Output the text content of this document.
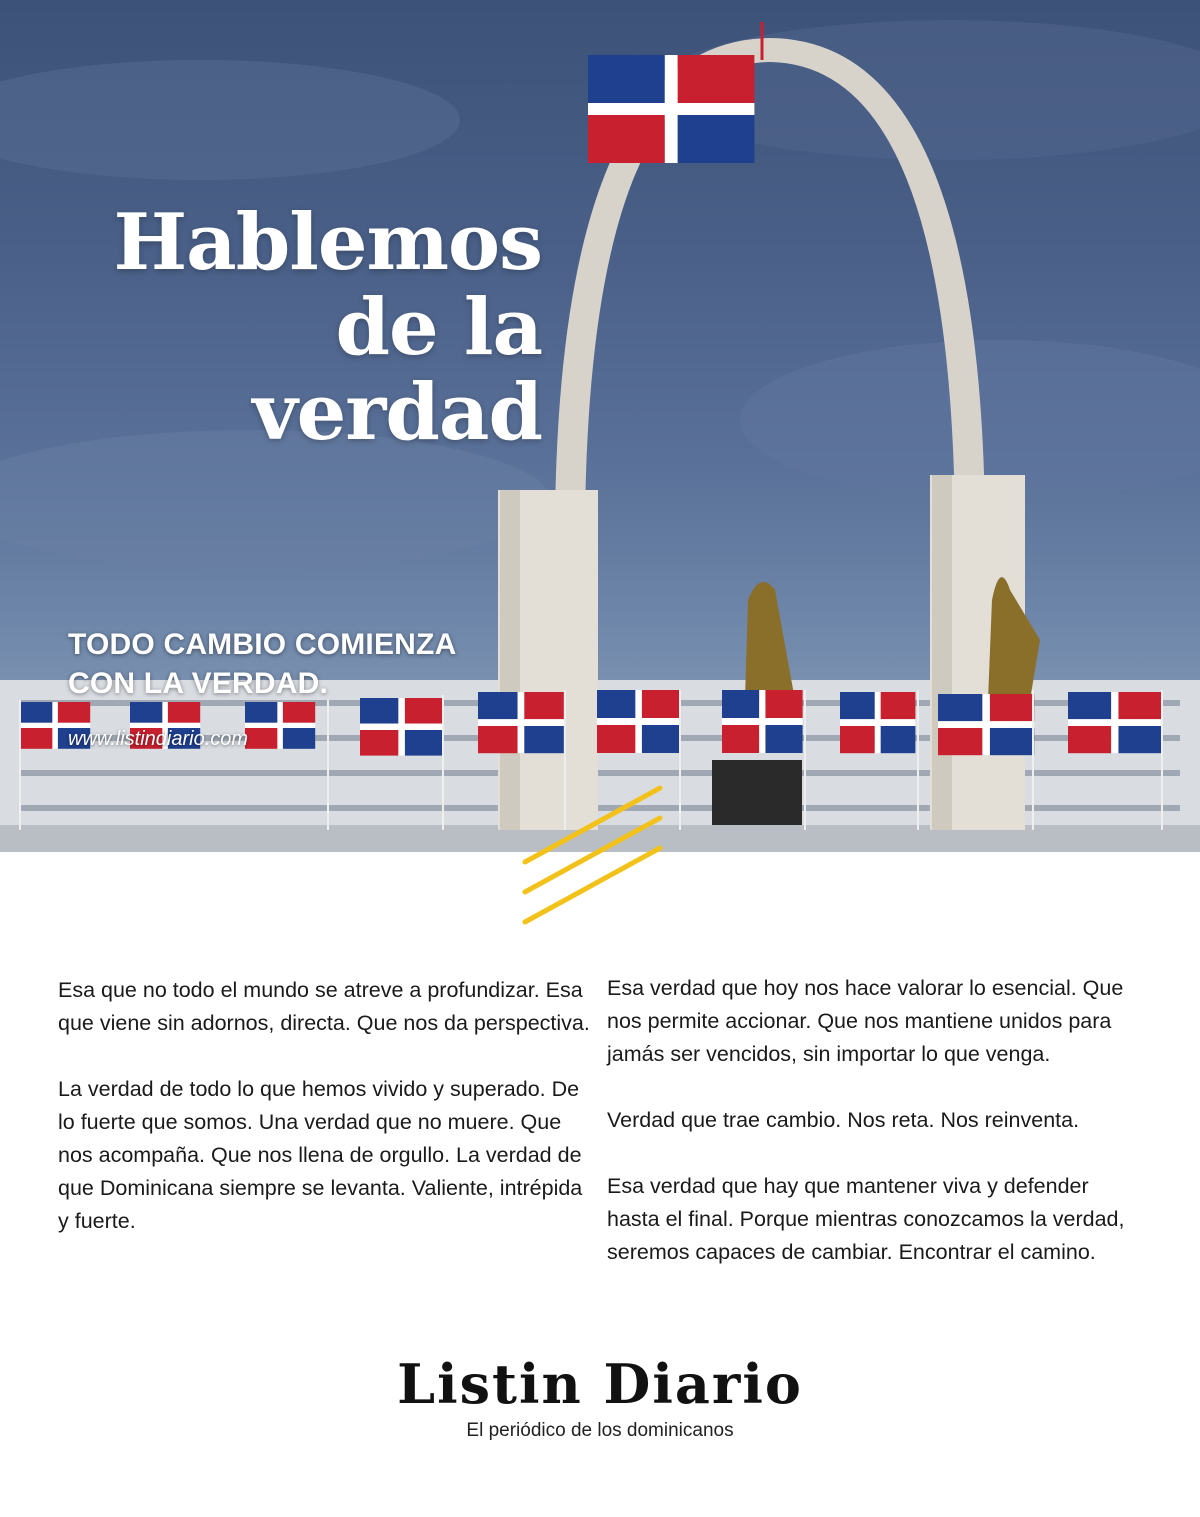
Hablemos
de la
verdad

TODO CAMBIO COMIENZA
CON LA VERDAD.

www.listindiario.com

Esa que no todo el mundo se atreve a profundizar. Esa que viene sin adornos, directa. Que nos da perspectiva.

La verdad de todo lo que hemos vivido y superado. De lo fuerte que somos. Una verdad que no muere. Que nos acompaña. Que nos llena de orgullo. La verdad de que Dominicana siempre se levanta. Valiente, intrépida y fuerte.

Esa verdad que hoy nos hace valorar lo esencial. Que nos permite accionar. Que nos mantiene unidos para jamás ser vencidos, sin importar lo que venga.

Verdad que trae cambio. Nos reta. Nos reinventa.

Esa verdad que hay que mantener viva y defender hasta el final. Porque mientras conozcamos la verdad, seremos capaces de cambiar. Encontrar el camino.

Listin Diario
El periódico de los dominicanos
